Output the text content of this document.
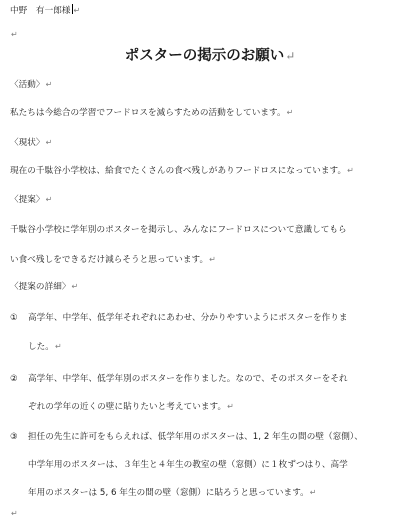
中野　有一郎様 ↵
↵
ポスターの掲示のお願い↵
〈活動〉↵
私たちは今総合の学習でフードロスを減らすための活動をしています。↵
〈現状〉↵
現在の千駄谷小学校は、給食でたくさんの食べ残しがありフードロスになっています。↵
〈提案〉↵
千駄谷小学校に学年別のポスターを掲示し、みんなにフードロスについて意識してもら
い食べ残しをできるだけ減らそうと思っています。↵
〈提案の詳細〉↵
① 高学年、中学年、低学年それぞれにあわせ、分かりやすいようにポスターを作りま
した。↵
② 高学年、中学年、低学年別のポスターを作りました。なので、そのポスターをそれ
ぞれの学年の近くの壁に貼りたいと考えています。↵
③ 担任の先生に許可をもらえれば、低学年用のポスターは、1, 2 年生の間の壁（窓側）、
中学年用のポスターは、３年生と４年生の教室の壁（窓側）に１枚ずつはり、高学
年用のポスターは 5, 6 年生の間の壁（窓側）に貼ろうと思っています。↵
↵
